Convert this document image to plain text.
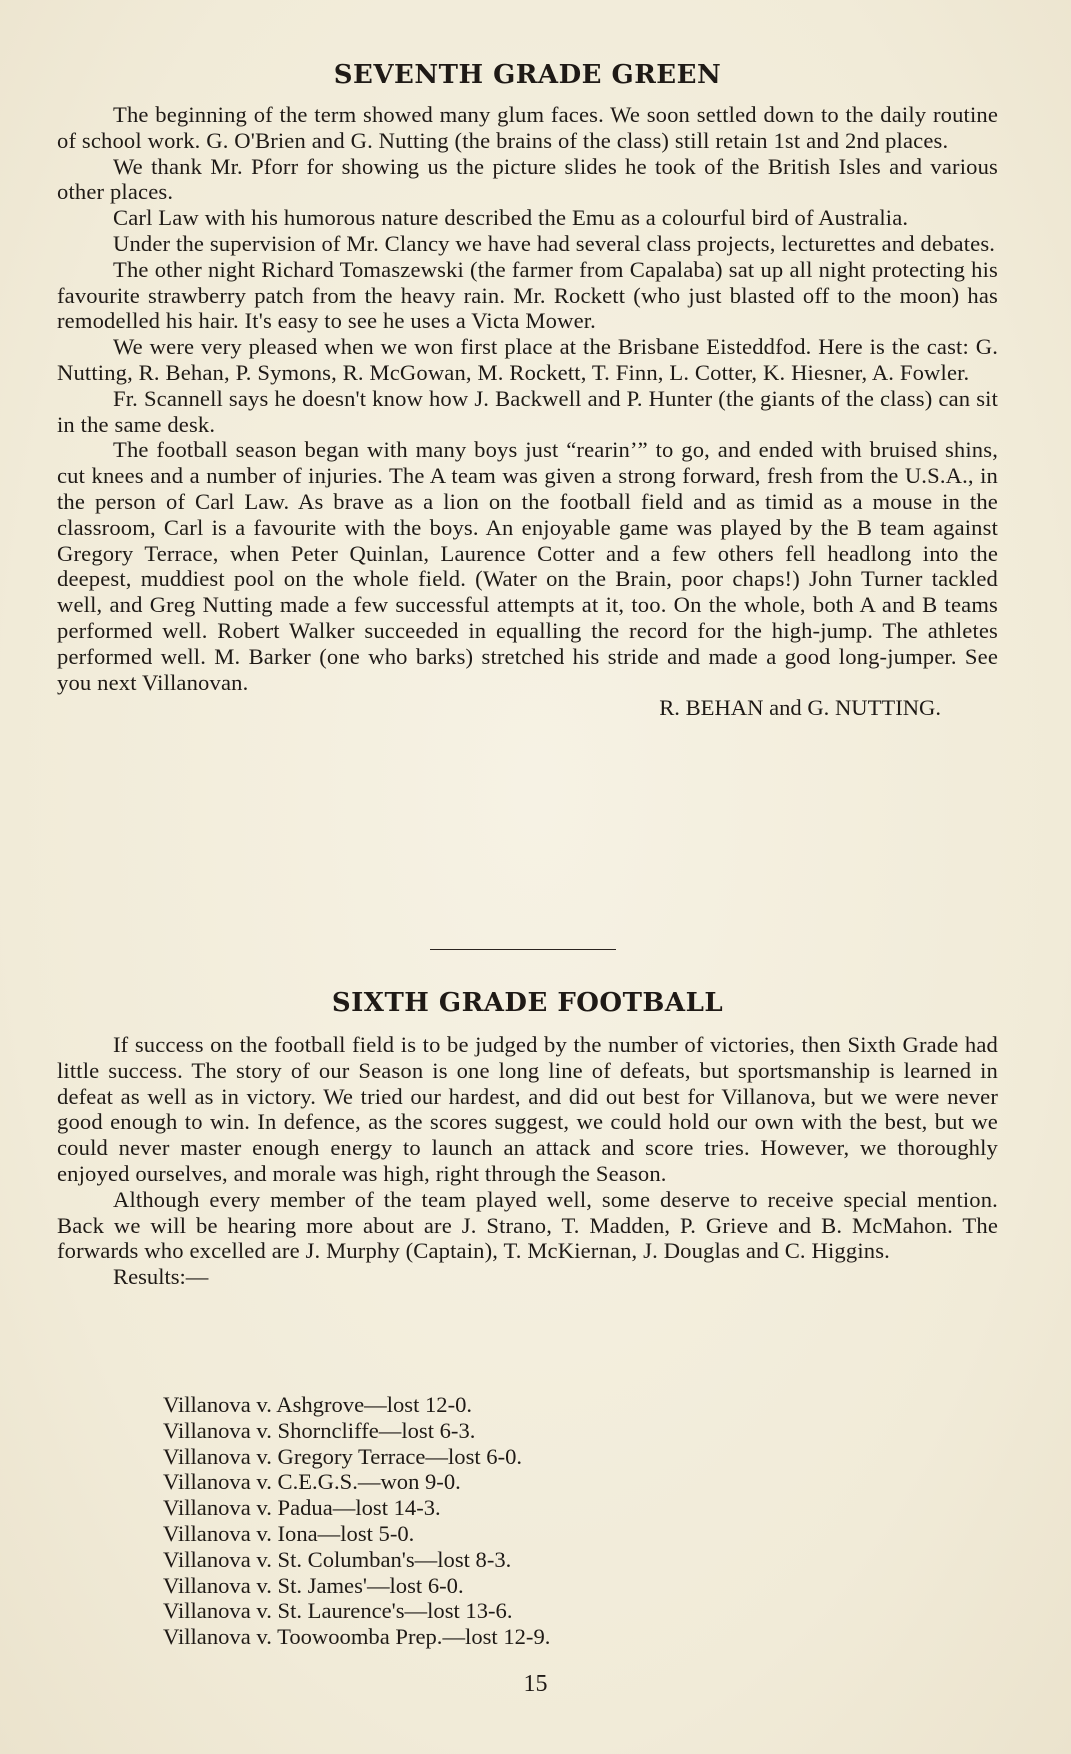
SEVENTH GRADE GREEN

The beginning of the term showed many glum faces. We soon settled down to the daily routine of school work. G. O'Brien and G. Nutting (the brains of the class) still retain 1st and 2nd places.

We thank Mr. Pforr for showing us the picture slides he took of the British Isles and various other places.

Carl Law with his humorous nature described the Emu as a colourful bird of Australia.

Under the supervision of Mr. Clancy we have had several class projects, lecturettes and debates.

The other night Richard Tomaszewski (the farmer from Capalaba) sat up all night protecting his favourite strawberry patch from the heavy rain. Mr. Rockett (who just blasted off to the moon) has remodelled his hair. It's easy to see he uses a Victa Mower.

We were very pleased when we won first place at the Brisbane Eisteddfod. Here is the cast: G. Nutting, R. Behan, P. Symons, R. McGowan, M. Rockett, T. Finn, L. Cotter, K. Hiesner, A. Fowler.

Fr. Scannell says he doesn't know how J. Backwell and P. Hunter (the giants of the class) can sit in the same desk.

The football season began with many boys just “rearin’” to go, and ended with bruised shins, cut knees and a number of injuries. The A team was given a strong forward, fresh from the U.S.A., in the person of Carl Law. As brave as a lion on the football field and as timid as a mouse in the classroom, Carl is a favourite with the boys. An enjoyable game was played by the B team against Gregory Terrace, when Peter Quinlan, Laurence Cotter and a few others fell headlong into the deepest, muddiest pool on the whole field. (Water on the Brain, poor chaps!) John Turner tackled well, and Greg Nutting made a few successful attempts at it, too. On the whole, both A and B teams performed well. Robert Walker succeeded in equalling the record for the high-jump. The athletes performed well. M. Barker (one who barks) stretched his stride and made a good long-jumper. See you next Villanovan.

R. BEHAN and G. NUTTING.

SIXTH GRADE FOOTBALL

If success on the football field is to be judged by the number of victories, then Sixth Grade had little success. The story of our Season is one long line of defeats, but sportsmanship is learned in defeat as well as in victory. We tried our hardest, and did out best for Villanova, but we were never good enough to win. In defence, as the scores suggest, we could hold our own with the best, but we could never master enough energy to launch an attack and score tries. However, we thoroughly enjoyed ourselves, and morale was high, right through the Season.

Although every member of the team played well, some deserve to receive special mention. Back we will be hearing more about are J. Strano, T. Madden, P. Grieve and B. McMahon. The forwards who excelled are J. Murphy (Captain), T. McKiernan, J. Douglas and C. Higgins.

Results:—

Villanova v. Ashgrove—lost 12-0.
Villanova v. Shorncliffe—lost 6-3.
Villanova v. Gregory Terrace—lost 6-0.
Villanova v. C.E.G.S.—won 9-0.
Villanova v. Padua—lost 14-3.
Villanova v. Iona—lost 5-0.
Villanova v. St. Columban's—lost 8-3.
Villanova v. St. James'—lost 6-0.
Villanova v. St. Laurence's—lost 13-6.
Villanova v. Toowoomba Prep.—lost 12-9.
15
